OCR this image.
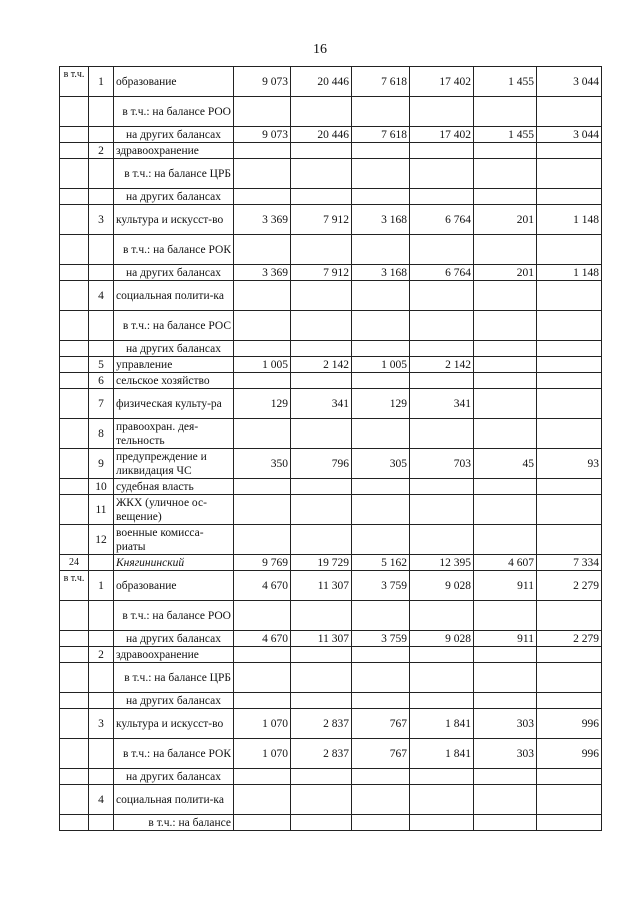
16
в т.ч.	1	образование	9 073	20 446	7 618	17 402	1 455	3 044
		в т.ч.: на балансе РОО						
		на других балансах	9 073	20 446	7 618	17 402	1 455	3 044
	2	здравоохранение						
		в т.ч.: на балансе ЦРБ						
		на других балансах						
	3	культура и искусст-во	3 369	7 912	3 168	6 764	201	1 148
		в т.ч.: на балансе РОК						
		на других балансах	3 369	7 912	3 168	6 764	201	1 148
	4	социальная полити-ка						
		в т.ч.: на балансе РОС						
		на других балансах						
	5	управление	1 005	2 142	1 005	2 142		
	6	сельское хозяйство						
	7	физическая культу-ра	129	341	129	341		
	8	правоохран. дея-тельность						
	9	предупреждение и ликвидация ЧС	350	796	305	703	45	93
	10	судебная власть						
	11	ЖКХ (уличное ос-вещение)						
	12	военные комисса-риаты						
24		Княгининский	9 769	19 729	5 162	12 395	4 607	7 334
в т.ч.	1	образование	4 670	11 307	3 759	9 028	911	2 279
		в т.ч.: на балансе РОО						
		на других балансах	4 670	11 307	3 759	9 028	911	2 279
	2	здравоохранение						
		в т.ч.: на балансе ЦРБ						
		на других балансах						
	3	культура и искусст-во	1 070	2 837	767	1 841	303	996
		в т.ч.: на балансе РОК	1 070	2 837	767	1 841	303	996
		на других балансах						
	4	социальная полити-ка						
		в т.ч.: на балансе						
